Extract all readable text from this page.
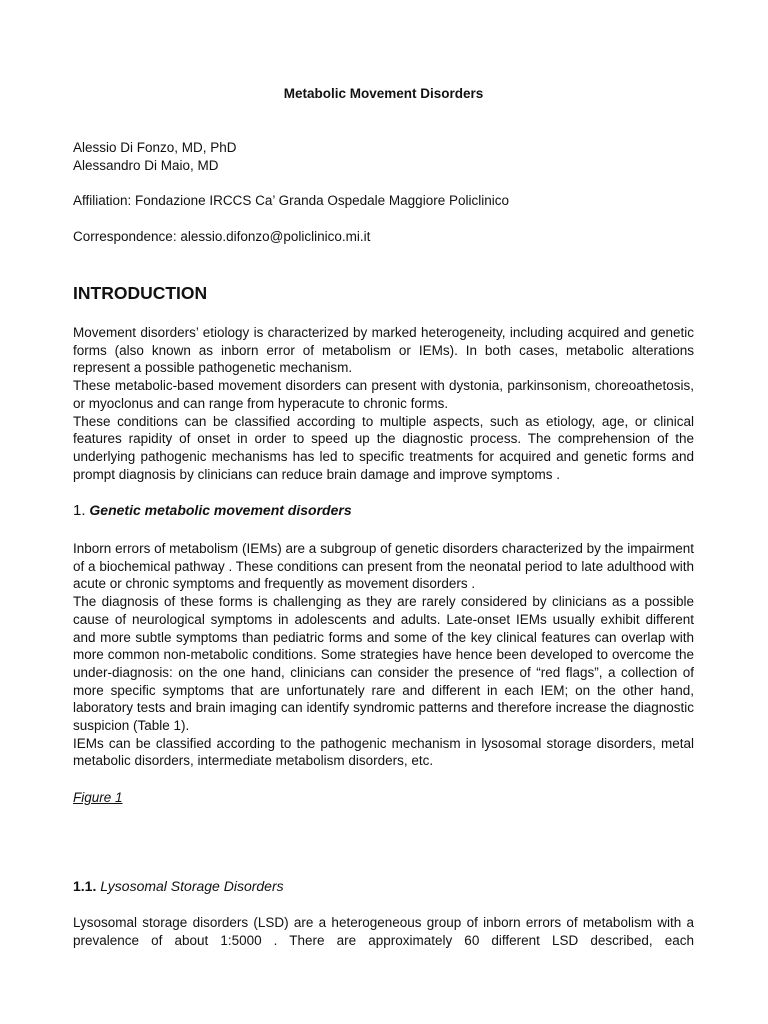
Metabolic Movement Disorders
Alessio Di Fonzo, MD, PhD
Alessandro Di Maio, MD
Affiliation: Fondazione IRCCS Ca’ Granda Ospedale Maggiore Policlinico
Correspondence: alessio.difonzo@policlinico.mi.it
INTRODUCTION

Movement disorders’ etiology is characterized by marked heterogeneity, including acquired and genetic forms (also known as inborn error of metabolism or IEMs). In both cases, metabolic alterations represent a possible pathogenetic mechanism.

These metabolic-based movement disorders can present with dystonia, parkinsonism, choreoathetosis, or myoclonus and can range from hyperacute to chronic forms.

These conditions can be classified according to multiple aspects, such as etiology, age, or clinical features rapidity of onset in order to speed up the diagnostic process. The comprehension of the underlying pathogenic mechanisms has led to specific treatments for acquired and genetic forms and prompt diagnosis by clinicians can reduce brain damage and improve symptoms .

1. Genetic metabolic movement disorders

Inborn errors of metabolism (IEMs) are a subgroup of genetic disorders characterized by the impairment of a biochemical pathway . These conditions can present from the neonatal period to late adulthood with acute or chronic symptoms and frequently as movement disorders .

The diagnosis of these forms is challenging as they are rarely considered by clinicians as a possible cause of neurological symptoms in adolescents and adults. Late-onset IEMs usually exhibit different and more subtle symptoms than pediatric forms and some of the key clinical features can overlap with more common non-metabolic conditions. Some strategies have hence been developed to overcome the under-diagnosis: on the one hand, clinicians can consider the presence of “red flags”, a collection of more specific symptoms that are unfortunately rare and different in each IEM; on the other hand, laboratory tests and brain imaging can identify syndromic patterns and therefore increase the diagnostic suspicion (Table 1).

IEMs can be classified according to the pathogenic mechanism in lysosomal storage disorders, metal metabolic disorders, intermediate metabolism disorders, etc.

Figure 1
1.1. Lysosomal Storage Disorders

Lysosomal storage disorders (LSD) are a heterogeneous group of inborn errors of metabolism with a prevalence of about 1:5000 . There are approximately 60 different LSD described, each
